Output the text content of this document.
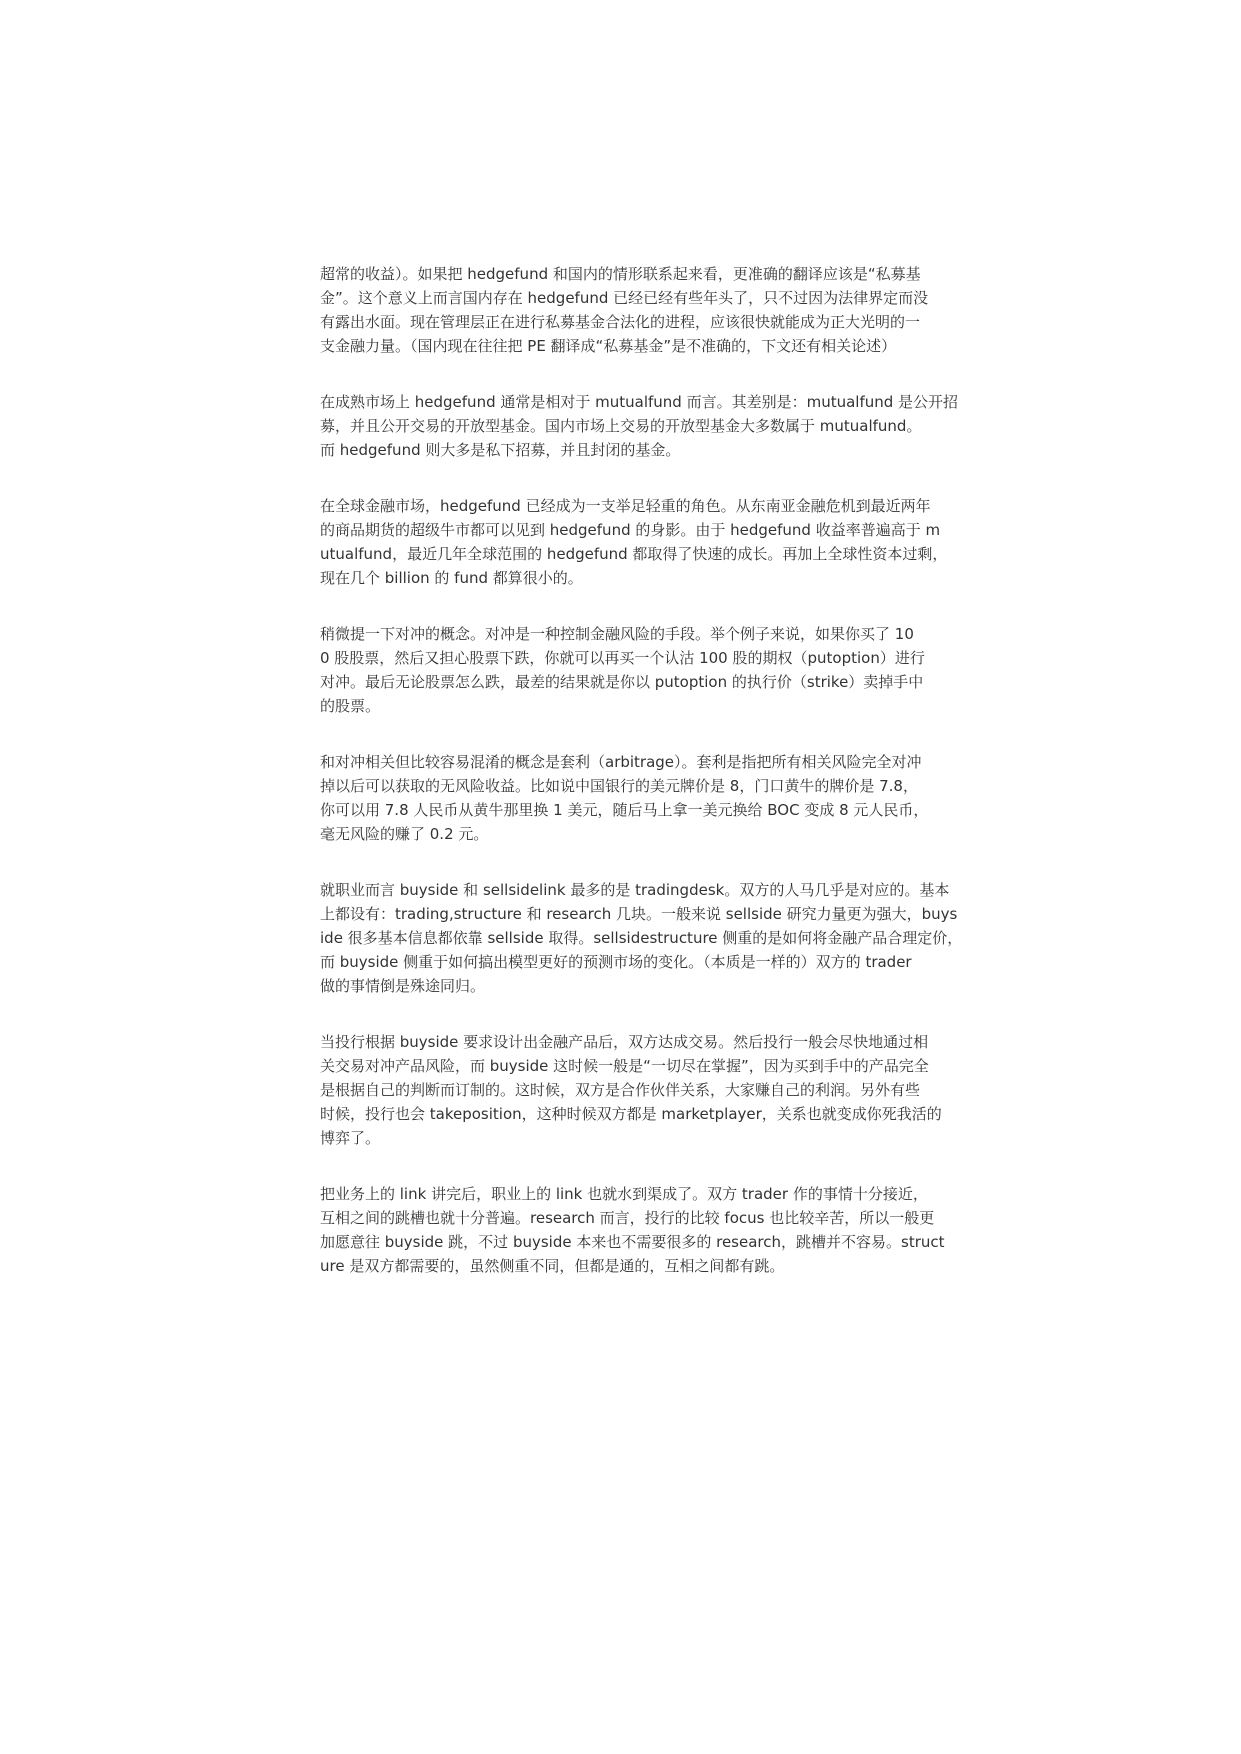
超常的收益）。如果把 hedgefund 和国内的情形联系起来看，更准确的翻译应该是“私募基
金”。这个意义上而言国内存在 hedgefund 已经已经有些年头了，只不过因为法律界定而没
有露出水面。现在管理层正在进行私募基金合法化的进程，应该很快就能成为正大光明的一
支金融力量。（国内现在往往把 PE 翻译成“私募基金”是不准确的，下文还有相关论述）

在成熟市场上 hedgefund 通常是相对于 mutualfund 而言。其差别是：mutualfund 是公开招
募，并且公开交易的开放型基金。国内市场上交易的开放型基金大多数属于 mutualfund。
而 hedgefund 则大多是私下招募，并且封闭的基金。

在全球金融市场，hedgefund 已经成为一支举足轻重的角色。从东南亚金融危机到最近两年
的商品期货的超级牛市都可以见到 hedgefund 的身影。由于 hedgefund 收益率普遍高于 m
utualfund，最近几年全球范围的 hedgefund 都取得了快速的成长。再加上全球性资本过剩，
现在几个 billion 的 fund 都算很小的。

稍微提一下对冲的概念。对冲是一种控制金融风险的手段。举个例子来说，如果你买了 10
0 股股票，然后又担心股票下跌，你就可以再买一个认沽 100 股的期权（putoption）进行
对冲。最后无论股票怎么跌，最差的结果就是你以 putoption 的执行价（strike）卖掉手中
的股票。

和对冲相关但比较容易混淆的概念是套利（arbitrage）。套利是指把所有相关风险完全对冲
掉以后可以获取的无风险收益。比如说中国银行的美元牌价是 8，门口黄牛的牌价是 7.8，
你可以用 7.8 人民币从黄牛那里换 1 美元，随后马上拿一美元换给 BOC 变成 8 元人民币，
毫无风险的赚了 0.2 元。

就职业而言 buyside 和 sellsidelink 最多的是 tradingdesk。双方的人马几乎是对应的。基本
上都设有：trading,structure 和 research 几块。一般来说 sellside 研究力量更为强大，buys
ide 很多基本信息都依靠 sellside 取得。sellsidestructure 侧重的是如何将金融产品合理定价，
而 buyside 侧重于如何搞出模型更好的预测市场的变化。（本质是一样的）双方的 trader
做的事情倒是殊途同归。

当投行根据 buyside 要求设计出金融产品后，双方达成交易。然后投行一般会尽快地通过相
关交易对冲产品风险，而 buyside 这时候一般是“一切尽在掌握”，因为买到手中的产品完全
是根据自己的判断而订制的。这时候，双方是合作伙伴关系，大家赚自己的利润。另外有些
时候，投行也会 takeposition，这种时候双方都是 marketplayer，关系也就变成你死我活的
博弈了。

把业务上的 link 讲完后，职业上的 link 也就水到渠成了。双方 trader 作的事情十分接近，
互相之间的跳槽也就十分普遍。research 而言，投行的比较 focus 也比较辛苦，所以一般更
加愿意往 buyside 跳，不过 buyside 本来也不需要很多的 research，跳槽并不容易。struct
ure 是双方都需要的，虽然侧重不同，但都是通的，互相之间都有跳。
